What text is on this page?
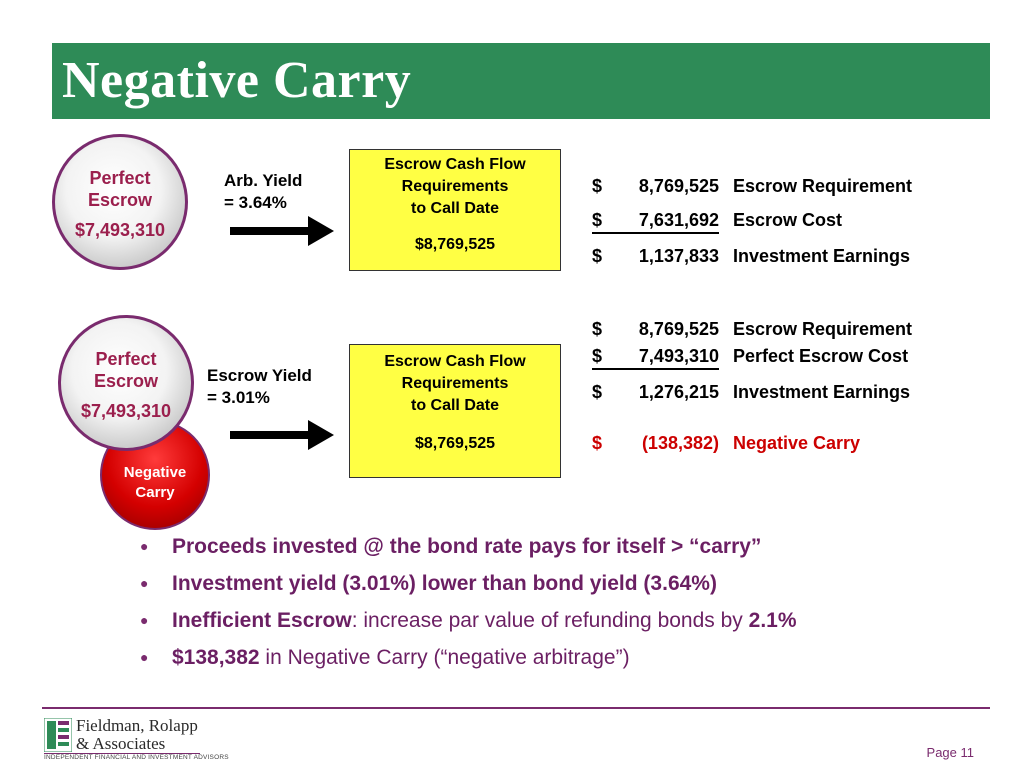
Negative Carry
Perfect
Escrow
$7,493,310
Arb. Yield
= 3.64%
Escrow Cash Flow
Requirements
to Call Date
$8,769,525
$ 8,769,525 Escrow Requirement
$ 7,631,692 Escrow Cost
$ 1,137,833 Investment Earnings
Negative
Carry
Perfect
Escrow
$7,493,310
Escrow Yield
= 3.01%
Escrow Cash Flow
Requirements
to Call Date
$8,769,525
$ 8,769,525 Escrow Requirement
$ 7,493,310 Perfect Escrow Cost
$ 1,276,215 Investment Earnings
$ (138,382) Negative Carry
● Proceeds invested @ the bond rate pays for itself > “carry”
● Investment yield (3.01%) lower than bond yield (3.64%)
● Inefficient Escrow: increase par value of refunding bonds by 2.1%
● $138,382 in Negative Carry (“negative arbitrage”)
Fieldman, Rolapp
& Associates
INDEPENDENT FINANCIAL AND INVESTMENT ADVISORS	Page 11
